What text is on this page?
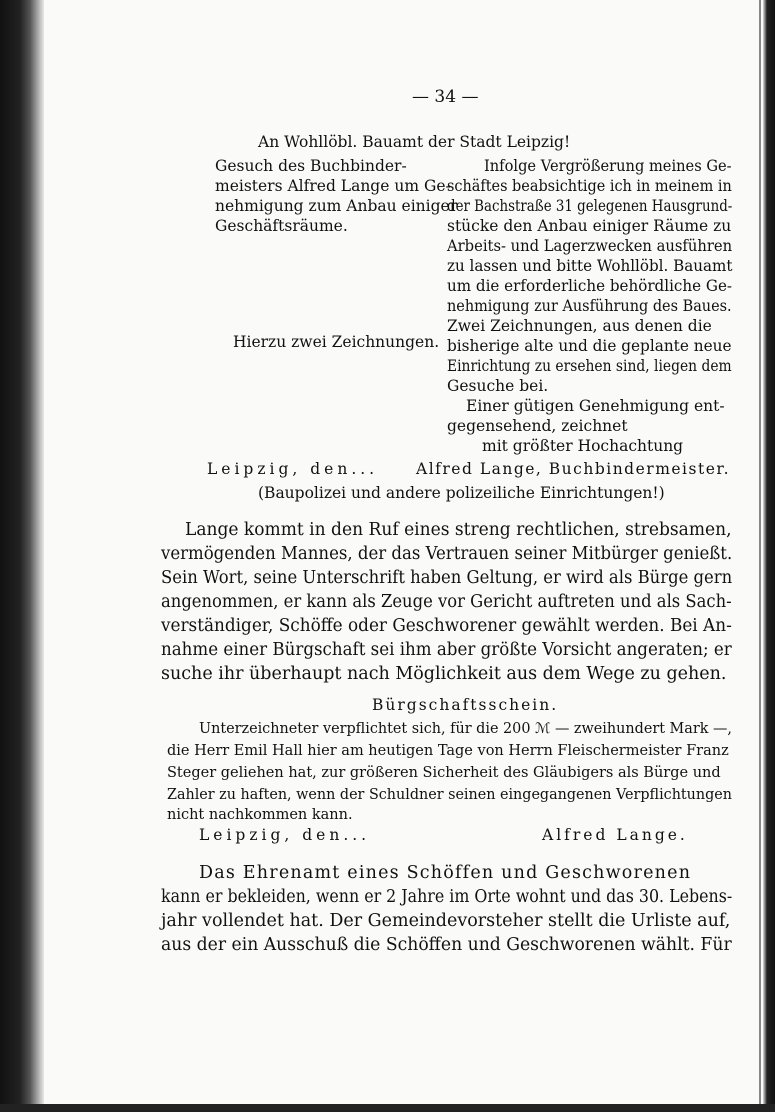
— 34 —
An Wohllöbl. Bauamt der Stadt Leipzig!
Gesuch des Buchbinder-
meisters Alfred Lange um Ge-
nehmigung zum Anbau einiger
Geschäftsräume.
Hierzu zwei Zeichnungen.
Infolge Vergrößerung meines Ge-
schäftes beabsichtige ich in meinem in
der Bachstraße 31 gelegenen Hausgrund-
stücke den Anbau einiger Räume zu
Arbeits- und Lagerzwecken ausführen
zu lassen und bitte Wohllöbl. Bauamt
um die erforderliche behördliche Ge-
nehmigung zur Ausführung des Baues.
Zwei Zeichnungen, aus denen die
bisherige alte und die geplante neue
Einrichtung zu ersehen sind, liegen dem
Gesuche bei.
Einer gütigen Genehmigung ent-
gegensehend, zeichnet
mit größter Hochachtung
Leipzig, den... Alfred Lange, Buchbindermeister.
(Baupolizei und andere polizeiliche Einrichtungen!)
Lange kommt in den Ruf eines streng rechtlichen, strebsamen,
vermögenden Mannes, der das Vertrauen seiner Mitbürger genießt.
Sein Wort, seine Unterschrift haben Geltung, er wird als Bürge gern
angenommen, er kann als Zeuge vor Gericht auftreten und als Sach-
verständiger, Schöffe oder Geschworener gewählt werden. Bei An-
nahme einer Bürgschaft sei ihm aber größte Vorsicht angeraten; er
suche ihr überhaupt nach Möglichkeit aus dem Wege zu gehen.
Bürgschaftsschein.
Unterzeichneter verpflichtet sich, für die 200 ℳ — zweihundert Mark —,
die Herr Emil Hall hier am heutigen Tage von Herrn Fleischermeister Franz
Steger geliehen hat, zur größeren Sicherheit des Gläubigers als Bürge und
Zahler zu haften, wenn der Schuldner seinen eingegangenen Verpflichtungen
nicht nachkommen kann.
Leipzig, den...	Alfred Lange.
Das Ehrenamt eines Schöffen und Geschworenen
kann er bekleiden, wenn er 2 Jahre im Orte wohnt und das 30. Lebens-
jahr vollendet hat. Der Gemeindevorsteher stellt die Urliste auf,
aus der ein Ausschuß die Schöffen und Geschworenen wählt. Für
